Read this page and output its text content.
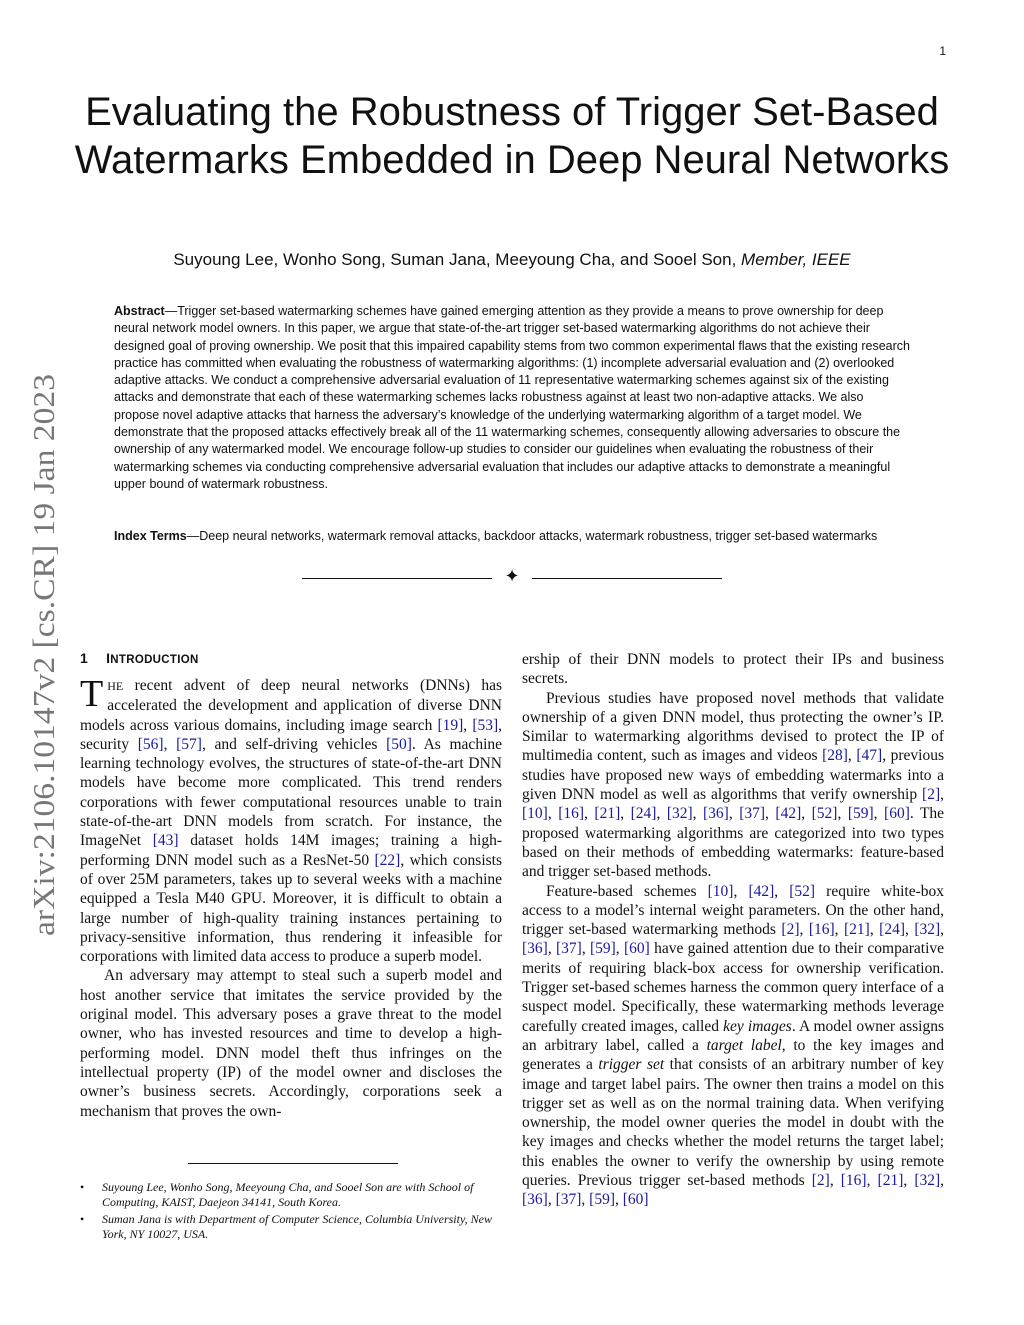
1
arXiv:2106.10147v2 [cs.CR] 19 Jan 2023
Evaluating the Robustness of Trigger Set-Based Watermarks Embedded in Deep Neural Networks
Suyoung Lee, Wonho Song, Suman Jana, Meeyoung Cha, and Sooel Son, Member, IEEE

Abstract—Trigger set-based watermarking schemes have gained emerging attention as they provide a means to prove ownership for deep neural network model owners. In this paper, we argue that state-of-the-art trigger set-based watermarking algorithms do not achieve their designed goal of proving ownership. We posit that this impaired capability stems from two common experimental flaws that the existing research practice has committed when evaluating the robustness of watermarking algorithms: (1) incomplete adversarial evaluation and (2) overlooked adaptive attacks. We conduct a comprehensive adversarial evaluation of 11 representative watermarking schemes against six of the existing attacks and demonstrate that each of these watermarking schemes lacks robustness against at least two non-adaptive attacks. We also propose novel adaptive attacks that harness the adversary’s knowledge of the underlying watermarking algorithm of a target model. We demonstrate that the proposed attacks effectively break all of the 11 watermarking schemes, consequently allowing adversaries to obscure the ownership of any watermarked model. We encourage follow-up studies to consider our guidelines when evaluating the robustness of their watermarking schemes via conducting comprehensive adversarial evaluation that includes our adaptive attacks to demonstrate a meaningful upper bound of watermark robustness.

Index Terms—Deep neural networks, watermark removal attacks, backdoor attacks, watermark robustness, trigger set-based watermarks

✦
1 INTRODUCTION

THE recent advent of deep neural networks (DNNs) has accelerated the development and application of diverse DNN models across various domains, including image search [19], [53], security [56], [57], and self-driving vehicles [50]. As machine learning technology evolves, the structures of state-of-the-art DNN models have become more complicated. This trend renders corporations with fewer computational resources unable to train state-of-the-art DNN models from scratch. For instance, the ImageNet [43] dataset holds 14M images; training a high-performing DNN model such as a ResNet-50 [22], which consists of over 25M parameters, takes up to several weeks with a machine equipped a Tesla M40 GPU. Moreover, it is difficult to obtain a large number of high-quality training instances pertaining to privacy-sensitive information, thus rendering it infeasible for corporations with limited data access to produce a superb model.

An adversary may attempt to steal such a superb model and host another service that imitates the service provided by the original model. This adversary poses a grave threat to the model owner, who has invested resources and time to develop a high-performing model. DNN model theft thus infringes on the intellectual property (IP) of the model owner and discloses the owner’s business secrets. Accordingly, corporations seek a mechanism that proves the own-

ership of their DNN models to protect their IPs and business secrets.

Previous studies have proposed novel methods that validate ownership of a given DNN model, thus protecting the owner’s IP. Similar to watermarking algorithms devised to protect the IP of multimedia content, such as images and videos [28], [47], previous studies have proposed new ways of embedding watermarks into a given DNN model as well as algorithms that verify ownership [2], [10], [16], [21], [24], [32], [36], [37], [42], [52], [59], [60]. The proposed watermarking algorithms are categorized into two types based on their methods of embedding watermarks: feature-based and trigger set-based methods.

Feature-based schemes [10], [42], [52] require white-box access to a model’s internal weight parameters. On the other hand, trigger set-based watermarking methods [2], [16], [21], [24], [32], [36], [37], [59], [60] have gained attention due to their comparative merits of requiring black-box access for ownership verification. Trigger set-based schemes harness the common query interface of a suspect model. Specifically, these watermarking methods leverage carefully created images, called key images. A model owner assigns an arbitrary label, called a target label, to the key images and generates a trigger set that consists of an arbitrary number of key image and target label pairs. The owner then trains a model on this trigger set as well as on the normal training data. When verifying ownership, the model owner queries the model in doubt with the key images and checks whether the model returns the target label; this enables the owner to verify the ownership by using remote queries. Previous trigger set-based methods [2], [16], [21], [32], [36], [37], [59], [60]

• Suyoung Lee, Wonho Song, Meeyoung Cha, and Sooel Son are with School of Computing, KAIST, Daejeon 34141, South Korea.

• Suman Jana is with Department of Computer Science, Columbia University, New York, NY 10027, USA.
